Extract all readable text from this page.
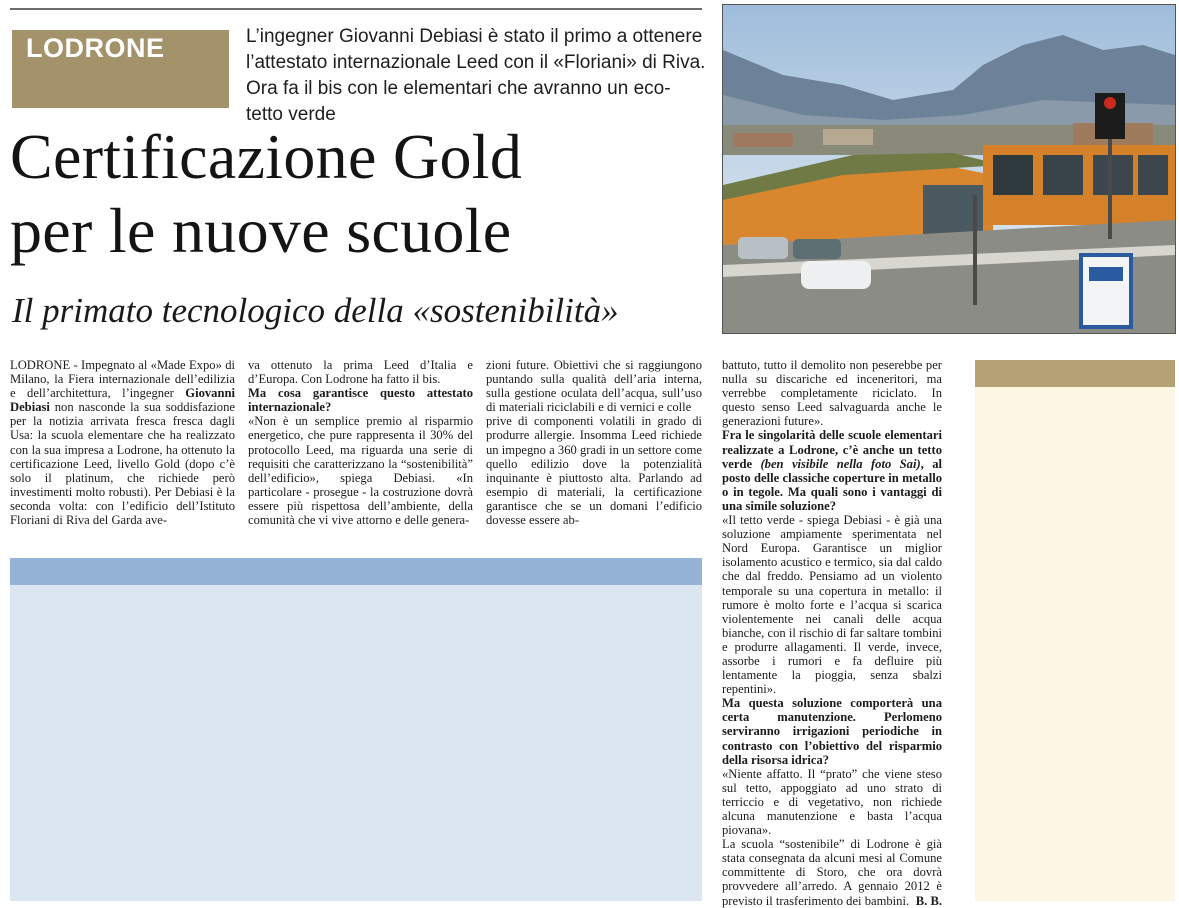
LODRONE	L’ingegner Giovanni Debiasi è stato il primo a ottenere l’attestato internazionale Leed con il «Floriani» di Riva. Ora fa il bis con le elementari che avranno un eco-tetto verde
Certificazione Gold
per le nuove scuole
Il primato tecnologico della «sostenibilità»

LODRONE - Impegnato al «Made Expo» di Milano, la Fiera internazionale dell’edilizia e dell’architettura, l’ingegner Giovanni Debiasi non nasconde la sua soddisfazione per la notizia arrivata fresca fresca dagli Usa: la scuola elementare che ha realizzato con la sua impresa a Lodrone, ha ottenuto la certificazione Leed, livello Gold (dopo c’è solo il platinum, che richiede però investimenti molto robusti). Per Debiasi è la seconda volta: con l’edificio dell’Istituto Floriani di Riva del Garda ave-

va ottenuto la prima Leed d’Italia e d’Europa. Con Lodrone ha fatto il bis.

Ma cosa garantisce questo attestato internazionale?

«Non è un semplice premio al risparmio energetico, che pure rappresenta il 30% del protocollo Leed, ma riguarda una serie di requisiti che caratterizzano la “sostenibilità” dell’edificio», spiega Debiasi. «In particolare - prosegue - la costruzione dovrà essere più rispettosa dell’ambiente, della comunità che vi vive attorno e delle genera-

zioni future. Obiettivi che si raggiungono puntando sulla qualità dell’aria interna, sulla gestione oculata dell’acqua, sull’uso di materiali riciclabili e di vernici e colle

prive di componenti volatili in grado di produrre allergie. Insomma Leed richiede un impegno a 360 gradi in un settore come quello edilizio dove la potenzialità inquinante è piuttosto alta. Parlando ad esempio di materiali, la certificazione garantisce che se un domani l’edificio dovesse essere ab-

battuto, tutto il demolito non peserebbe per nulla su discariche ed inceneritori, ma verrebbe completamente riciclato. In questo senso Leed salvaguarda anche le generazioni future».

Fra le singolarità delle scuole elementari realizzate a Lodrone, c’è anche un tetto verde (ben visibile nella foto Sai), al posto delle classiche coperture in metallo o in tegole. Ma quali sono i vantaggi di una simile soluzione?

«Il tetto verde - spiega Debiasi - è già una soluzione ampiamente sperimentata nel Nord Europa. Garantisce un miglior isolamento acustico e termico, sia dal caldo che dal freddo. Pensiamo ad un violento temporale su una copertura in metallo: il rumore è molto forte e l’acqua si scarica violentemente nei canali delle acqua bianche, con il rischio di far saltare tombini e produrre allagamenti. Il verde, invece, assorbe i rumori e fa defluire più lentamente la pioggia, senza sbalzi repentini».

Ma questa soluzione comporterà una certa manutenzione. Perlomeno serviranno irrigazioni periodiche in contrasto con l’obiettivo del risparmio della risorsa idrica?

«Niente affatto. Il “prato” che viene steso sul tetto, appoggiato ad uno strato di terriccio e di vegetativo, non richiede alcuna manutenzione e basta l’acqua piovana».

La scuola “sostenibile” di Lodrone è già stata consegnata da alcuni mesi al Comune committente di Storo, che ora dovrà provvedere all’arredo. A gennaio 2012 è previsto il trasferimento dei bambini. B. B.
